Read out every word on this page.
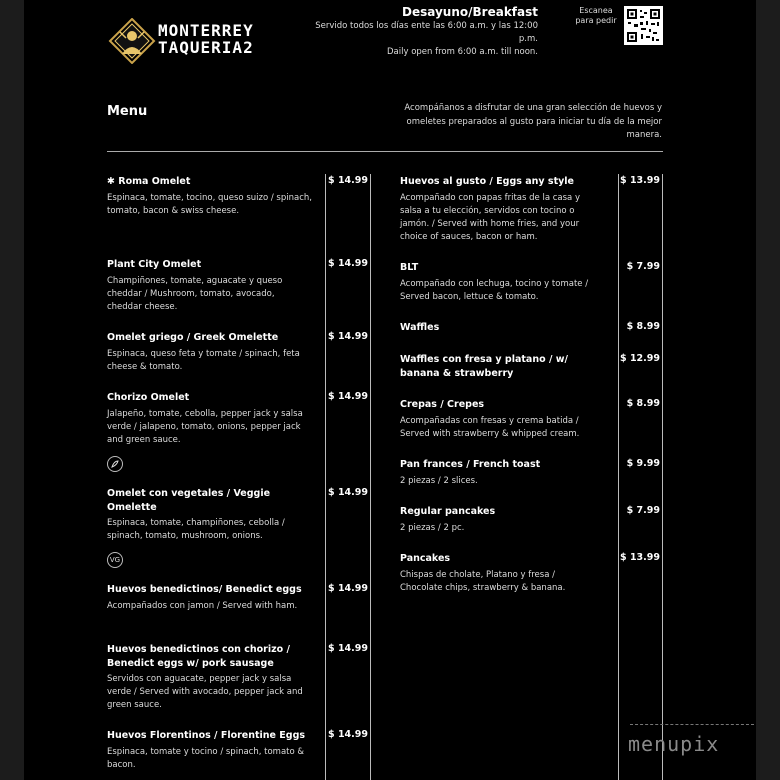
MONTERREY
TAQUERIA2
Desayuno/Breakfast
Servido todos los días ente las 6:00 a.m. y las 12:00
p.m.
Daily open from 6:00 a.m. till noon.
Escanea para pedir
Menu	Acompáñanos a disfrutar de una gran selección de huevos y omeletes preparados al gusto para iniciar tu día de la mejor manera.
✱ Roma Omelet
Espinaca, tomate, tocino, queso suizo / spinach, tomato, bacon & swiss cheese.
$ 14.99
Plant City Omelet
Champiñones, tomate, aguacate y queso cheddar / Mushroom, tomato, avocado, cheddar cheese.
$ 14.99
Omelet griego / Greek Omelette
Espinaca, queso feta y tomate / spinach, feta cheese & tomato.
$ 14.99
Chorizo Omelet
Jalapeño, tomate, cebolla, pepper jack y salsa verde / jalapeno, tomato, onions, pepper jack and green sauce.
$ 14.99
Omelet con vegetales / Veggie Omelette
Espinaca, tomate, champiñones, cebolla / spinach, tomato, mushroom, onions.
$ 14.99
VG
Huevos benedictinos/ Benedict eggs
Acompañados con jamon / Served with ham.
$ 14.99
Huevos benedictinos con chorizo / Benedict eggs w/ pork sausage
Servidos con aguacate, pepper jack y salsa verde / Served with avocado, pepper jack and green sauce.
$ 14.99
Huevos Florentinos / Florentine Eggs
Espinaca, tomate y tocino / spinach, tomato & bacon.
$ 14.99
Huevos al gusto / Eggs any style
Acompañado con papas fritas de la casa y salsa a tu elección, servidos con tocino o jamón. / Served with home fries, and your choice of sauces, bacon or ham.
$ 13.99
BLT
Acompañado con lechuga, tocino y tomate / Served bacon, lettuce & tomato.
$ 7.99
Waffles	$ 8.99
Waffles con fresa y platano / w/ banana & strawberry
$ 12.99
Crepas / Crepes
Acompañadas con fresas y crema batida / Served with strawberry & whipped cream.
$ 8.99
Pan frances / French toast
2 piezas / 2 slices.
$ 9.99
Regular pancakes
2 piezas / 2 pc.
$ 7.99
Pancakes
Chispas de cholate, Platano y fresa / Chocolate chips, strawberry & banana.
$ 13.99
menupix
